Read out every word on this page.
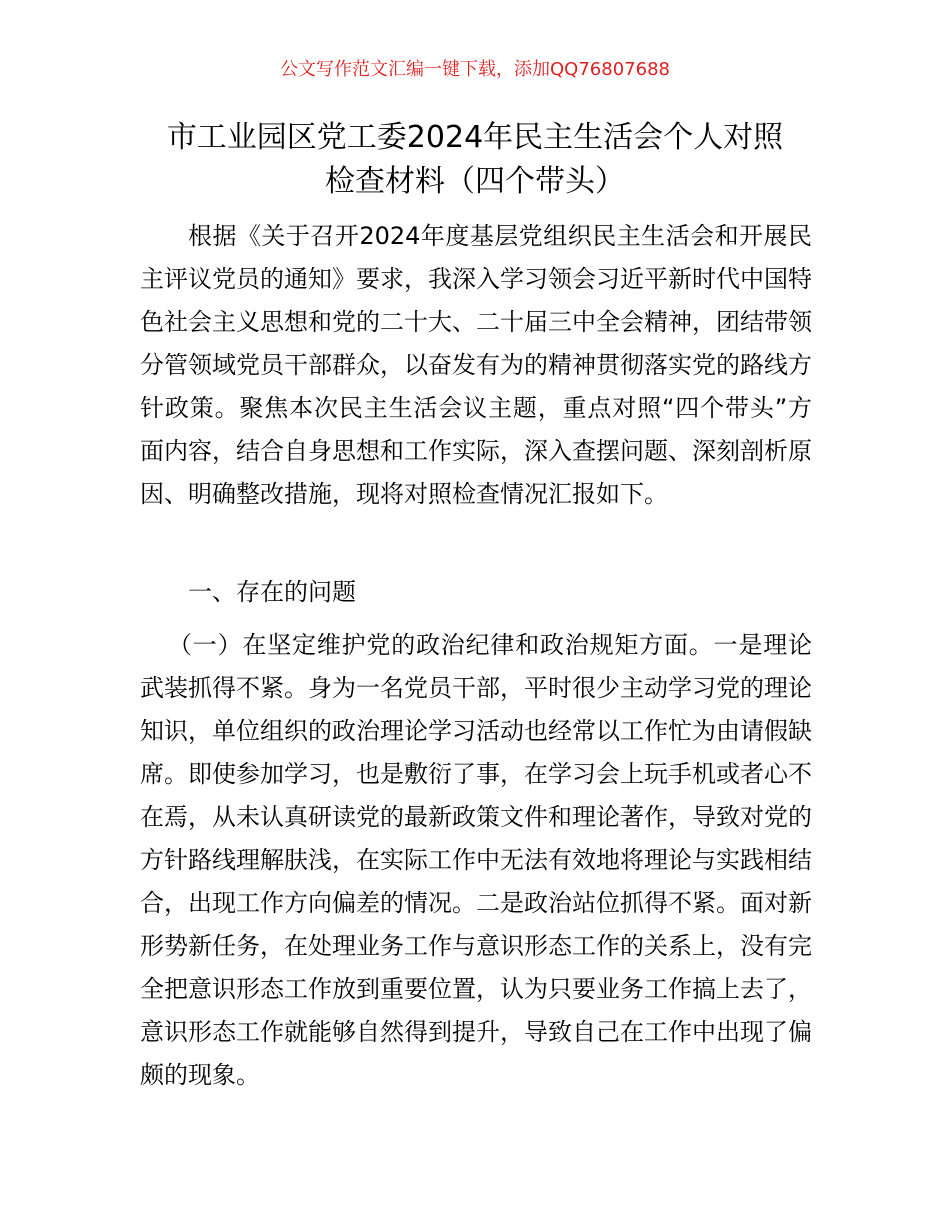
公文写作范文汇编一键下载，添加QQ76807688
市工业园区党工委2024年民主生活会个人对照
检查材料（四个带头）

根据《关于召开2024年度基层党组织民主生活会和开展民主评议党员的通知》要求，我深入学习领会习近平新时代中国特色社会主义思想和党的二十大、二十届三中全会精神，团结带领分管领域党员干部群众，以奋发有为的精神贯彻落实党的路线方针政策。聚焦本次民主生活会议主题，重点对照“四个带头”方面内容，结合自身思想和工作实际，深入查摆问题、深刻剖析原因、明确整改措施，现将对照检查情况汇报如下。

一、存在的问题

（一）在坚定维护党的政治纪律和政治规矩方面。一是理论武装抓得不紧。身为一名党员干部，平时很少主动学习党的理论知识，单位组织的政治理论学习活动也经常以工作忙为由请假缺席。即使参加学习，也是敷衍了事，在学习会上玩手机或者心不在焉，从未认真研读党的最新政策文件和理论著作，导致对党的方针路线理解肤浅，在实际工作中无法有效地将理论与实践相结合，出现工作方向偏差的情况。二是政治站位抓得不紧。面对新形势新任务，在处理业务工作与意识形态工作的关系上，没有完全把意识形态工作放到重要位置，认为只要业务工作搞上去了，意识形态工作就能够自然得到提升，导致自己在工作中出现了偏颇的现象。
